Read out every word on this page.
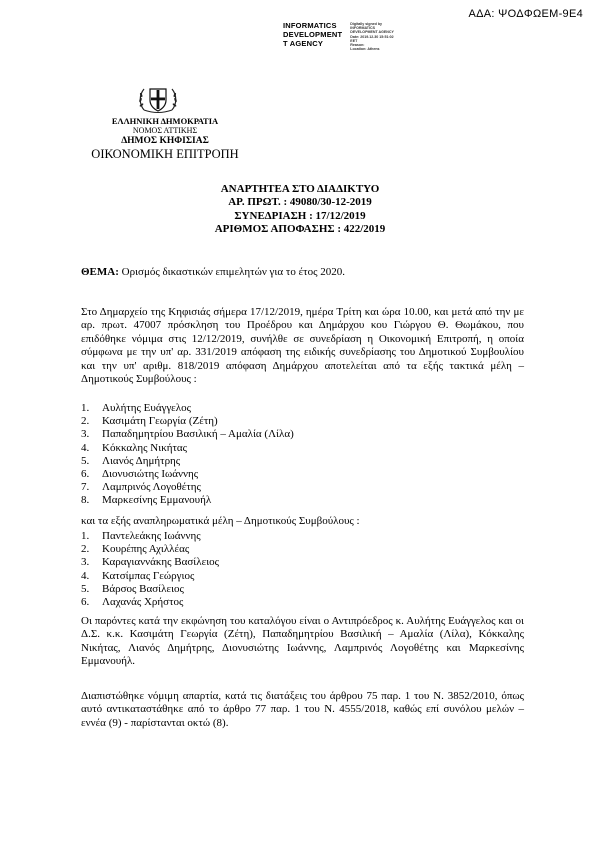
ΑΔΑ: ΨΟΔΦΩΕΜ-9Ε4
INFORMATICS
DEVELOPMENT
T AGENCY
Digitally signed by
INFORMATICS
DEVELOPMENT AGENCY
Date: 2019.12.30 15:51:02
EET
Reason:
Location: Athens
ΕΛΛΗΝΙΚΗ ΔΗΜΟΚΡΑΤΙΑ
ΝΟΜΟΣ ΑΤΤΙΚΗΣ
ΔΗΜΟΣ ΚΗΦΙΣΙΑΣ
ΟΙΚΟΝΟΜΙΚΗ ΕΠΙΤΡΟΠΗ
ΑΝΑΡΤΗΤΕΑ ΣΤΟ ΔΙΑΔΙΚΤΥΟ
ΑΡ. ΠΡΩΤ. : 49080/30-12-2019
ΣΥΝΕΔΡΙΑΣΗ : 17/12/2019
ΑΡΙΘΜΟΣ ΑΠΟΦΑΣΗΣ : 422/2019
ΘΕΜΑ: Ορισμός δικαστικών επιμελητών για το έτος 2020.
Στο Δημαρχείο της Κηφισιάς σήμερα 17/12/2019, ημέρα Τρίτη και ώρα 10.00, και μετά από την με αρ. πρωτ. 47007 πρόσκληση του Προέδρου και Δημάρχου κου Γιώργου Θ. Θωμάκου, που επιδόθηκε νόμιμα στις 12/12/2019, συνήλθε σε συνεδρίαση η Οικονομική Επιτροπή, η οποία σύμφωνα με την υπ' αρ. 331/2019 απόφαση της ειδικής συνεδρίασης του Δημοτικού Συμβουλίου και την υπ' αριθμ. 818/2019 απόφαση Δημάρχου αποτελείται από τα εξής τακτικά μέλη – Δημοτικούς Συμβούλους :
1.	Αυλήτης Ευάγγελος
2.	Κασιμάτη Γεωργία (Ζέτη)
3.	Παπαδημητρίου Βασιλική – Αμαλία (Λίλα)
4.	Κόκκαλης Νικήτας
5.	Λιανός Δημήτρης
6.	Διονυσιώτης Ιωάννης
7.	Λαμπρινός Λογοθέτης
8.	Μαρκεσίνης Εμμανουήλ
και τα εξής αναπληρωματικά μέλη – Δημοτικούς Συμβούλους :
1.	Παντελεάκης Ιωάννης
2.	Κουρέπης Αχιλλέας
3.	Καραγιαννάκης Βασίλειος
4.	Κατσίμπας Γεώργιος
5.	Βάρσος Βασίλειος
6.	Λαχανάς Χρήστος
Οι παρόντες κατά την εκφώνηση του καταλόγου είναι ο Αντιπρόεδρος κ. Αυλήτης Ευάγγελος και οι Δ.Σ. κ.κ. Κασιμάτη Γεωργία (Ζέτη), Παπαδημητρίου Βασιλική – Αμαλία (Λίλα), Κόκκαλης Νικήτας, Λιανός Δημήτρης, Διονυσιώτης Ιωάννης, Λαμπρινός Λογοθέτης και Μαρκεσίνης Εμμανουήλ.
Διαπιστώθηκε νόμιμη απαρτία, κατά τις διατάξεις του άρθρου 75 παρ. 1 του Ν. 3852/2010, όπως αυτό αντικαταστάθηκε από το άρθρο 77 παρ. 1 του Ν. 4555/2018, καθώς επί συνόλου μελών – εννέα (9) - παρίστανται οκτώ (8).
